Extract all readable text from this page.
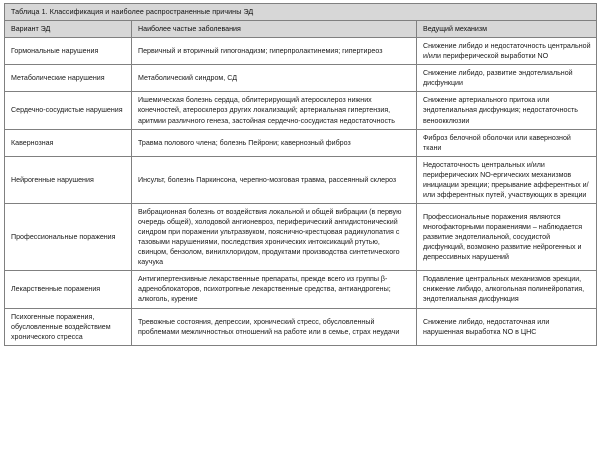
Таблица 1. Классификация и наиболее распространенные причины ЭД		
Вариант ЭД	Наиболее частые заболевания	Ведущий механизм
Гормональные нарушения	Первичный и вторичный гипогонадизм; гиперпролактинемия; гипертиреоз	Снижение либидо и недостаточность центральной и/или периферической выработки NO
Метаболические нарушения	Метаболический синдром, СД	Снижение либидо, развитие эндотелиальной дисфункции
Сердечно-сосудистые нарушения	Ишемическая болезнь сердца, облитерирующий атеросклероз нижних конечностей, атеросклероз других локализаций; артериальная гипертензия, аритмии различного генеза, застойная сердечно-сосудистая недостаточность	Снижение артериального притока или эндотелиальная дисфункция; недостаточность веноокклюзии
Кавернозная	Травма полового члена; болезнь Пейрони; кавернозный фиброз	Фиброз белочной оболочки или кавернозной ткани
Нейрогенные нарушения	Инсульт, болезнь Паркинсона, черепно-мозговая травма, рассеянный склероз	Недостаточность центральных и/или периферических NO-ергических механизмов инициации эрекции; прерывание афферентных и/или эфферентных путей, участвующих в эрекции
Профессиональные поражения	Вибрационная болезнь от воздействия локальной и общей вибрации (в первую очередь общей), холодовой ангионевроз, периферический ангидистонический синдром при поражении ультразвуком, пояснично-крестцовая радикулопатия с тазовыми нарушениями, последствия хронических интоксикаций ртутью, свинцом, бензолом, винилхлоридом, продуктами производства синтетического каучука	Профессиональные поражения являются многофакторными поражениями – наблюдается развитие эндотелиальной, сосудистой дисфункций, возможно развитие нейрогенных и депрессивных нарушений
Лекарственные поражения	Антигипертензивные лекарственные препараты, прежде всего из группы β-адреноблокаторов, психотропные лекарственные средства, антиандрогены; алкоголь, курение	Подавление центральных механизмов эрекции, снижение либидо, алкогольная полинейропатия, эндотелиальная дисфункция
Психогенные поражения, обусловленные воздействием хронического стресса	Тревожные состояния, депрессии, хронический стресс, обусловленный проблемами межличностных отношений на работе или в семье, страх неудачи	Снижение либидо, недостаточная или нарушенная выработка NO в ЦНС
